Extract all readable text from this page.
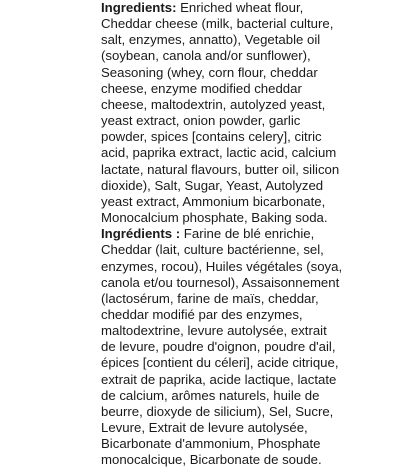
Ingredients: Enriched wheat flour,
Cheddar cheese (milk, bacterial culture,
salt, enzymes, annatto), Vegetable oil
(soybean, canola and/or sunflower),
Seasoning (whey, corn flour, cheddar
cheese, enzyme modified cheddar
cheese, maltodextrin, autolyzed yeast,
yeast extract, onion powder, garlic
powder, spices [contains celery], citric
acid, paprika extract, lactic acid, calcium
lactate, natural flavours, butter oil, silicon
dioxide), Salt, Sugar, Yeast, Autolyzed
yeast extract, Ammonium bicarbonate,
Monocalcium phosphate, Baking soda.
Ingrédients : Farine de blé enrichie,
Cheddar (lait, culture bactérienne, sel,
enzymes, rocou), Huiles végétales (soya,
canola et/ou tournesol), Assaisonnement
(lactosérum, farine de maïs, cheddar,
cheddar modifié par des enzymes,
maltodextrine, levure autolysée, extrait
de levure, poudre d'oignon, poudre d'ail,
épices [contient du céleri], acide citrique,
extrait de paprika, acide lactique, lactate
de calcium, arômes naturels, huile de
beurre, dioxyde de silicium), Sel, Sucre,
Levure, Extrait de levure autolysée,
Bicarbonate d'ammonium, Phosphate
monocalcique, Bicarbonate de soude.
